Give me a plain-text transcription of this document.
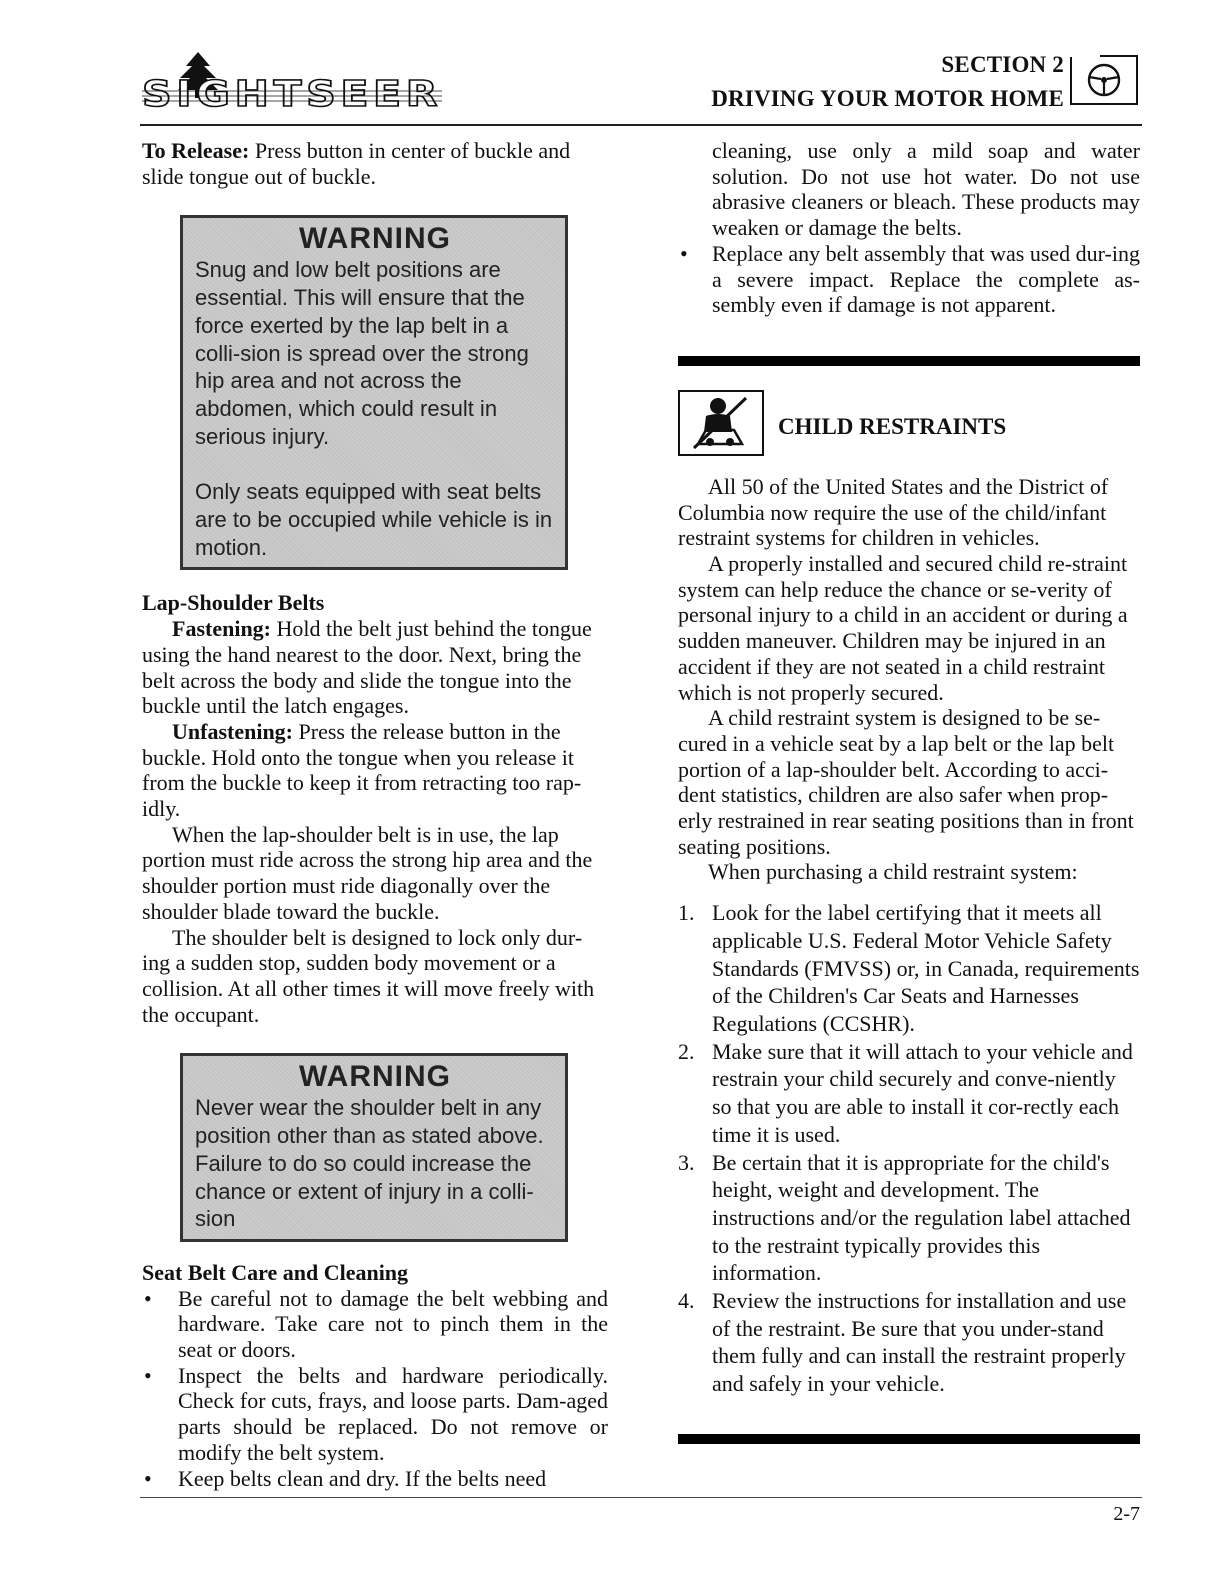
SIGHTSEER
SECTION 2
DRIVING YOUR MOTOR HOME

To Release: Press button in center of buckle and slide tongue out of buckle.

WARNING

Snug and low belt positions are essential. This will ensure that the force exerted by the lap belt in a colli-sion is spread over the strong hip area and not across the abdomen, which could result in serious injury.

Only seats equipped with seat belts are to be occupied while vehicle is in motion.

Lap-Shoulder Belts

Fastening: Hold the belt just behind the tongue using the hand nearest to the door. Next, bring the belt across the body and slide the tongue into the buckle until the latch engages.

Unfastening: Press the release button in the buckle. Hold onto the tongue when you release it from the buckle to keep it from retracting too rap-idly.

When the lap-shoulder belt is in use, the lap portion must ride across the strong hip area and the shoulder portion must ride diagonally over the shoulder blade toward the buckle.

The shoulder belt is designed to lock only dur-ing a sudden stop, sudden body movement or a collision. At all other times it will move freely with the occupant.

WARNING

Never wear the shoulder belt in any position other than as stated above. Failure to do so could increase the chance or extent of injury in a colli-sion

Seat Belt Care and Cleaning

• Be careful not to damage the belt webbing and hardware. Take care not to pinch them in the seat or doors.
• Inspect the belts and hardware periodically. Check for cuts, frays, and loose parts. Dam-aged parts should be replaced. Do not remove or modify the belt system.
• Keep belts clean and dry. If the belts need

cleaning, use only a mild soap and water solution. Do not use hot water. Do not use abrasive cleaners or bleach. These products may weaken or damage the belts.

• Replace any belt assembly that was used dur-ing a severe impact. Replace the complete as-sembly even if damage is not apparent.
CHILD RESTRAINTS

All 50 of the United States and the District of Columbia now require the use of the child/infant restraint systems for children in vehicles.

A properly installed and secured child re-straint system can help reduce the chance or se-verity of personal injury to a child in an accident or during a sudden maneuver. Children may be injured in an accident if they are not seated in a child restraint which is not properly secured.

A child restraint system is designed to be se-cured in a vehicle seat by a lap belt or the lap belt portion of a lap-shoulder belt. According to acci-dent statistics, children are also safer when prop-erly restrained in rear seating positions than in front seating positions.

When purchasing a child restraint system:

1. Look for the label certifying that it meets all applicable U.S. Federal Motor Vehicle Safety Standards (FMVSS) or, in Canada, requirements of the Children's Car Seats and Harnesses Regulations (CCSHR).
2. Make sure that it will attach to your vehicle and restrain your child securely and conve-niently so that you are able to install it cor-rectly each time it is used.
3. Be certain that it is appropriate for the child's height, weight and development. The instructions and/or the regulation label attached to the restraint typically provides this information.
4. Review the instructions for installation and use of the restraint. Be sure that you under-stand them fully and can install the restraint properly and safely in your vehicle.
2-7
